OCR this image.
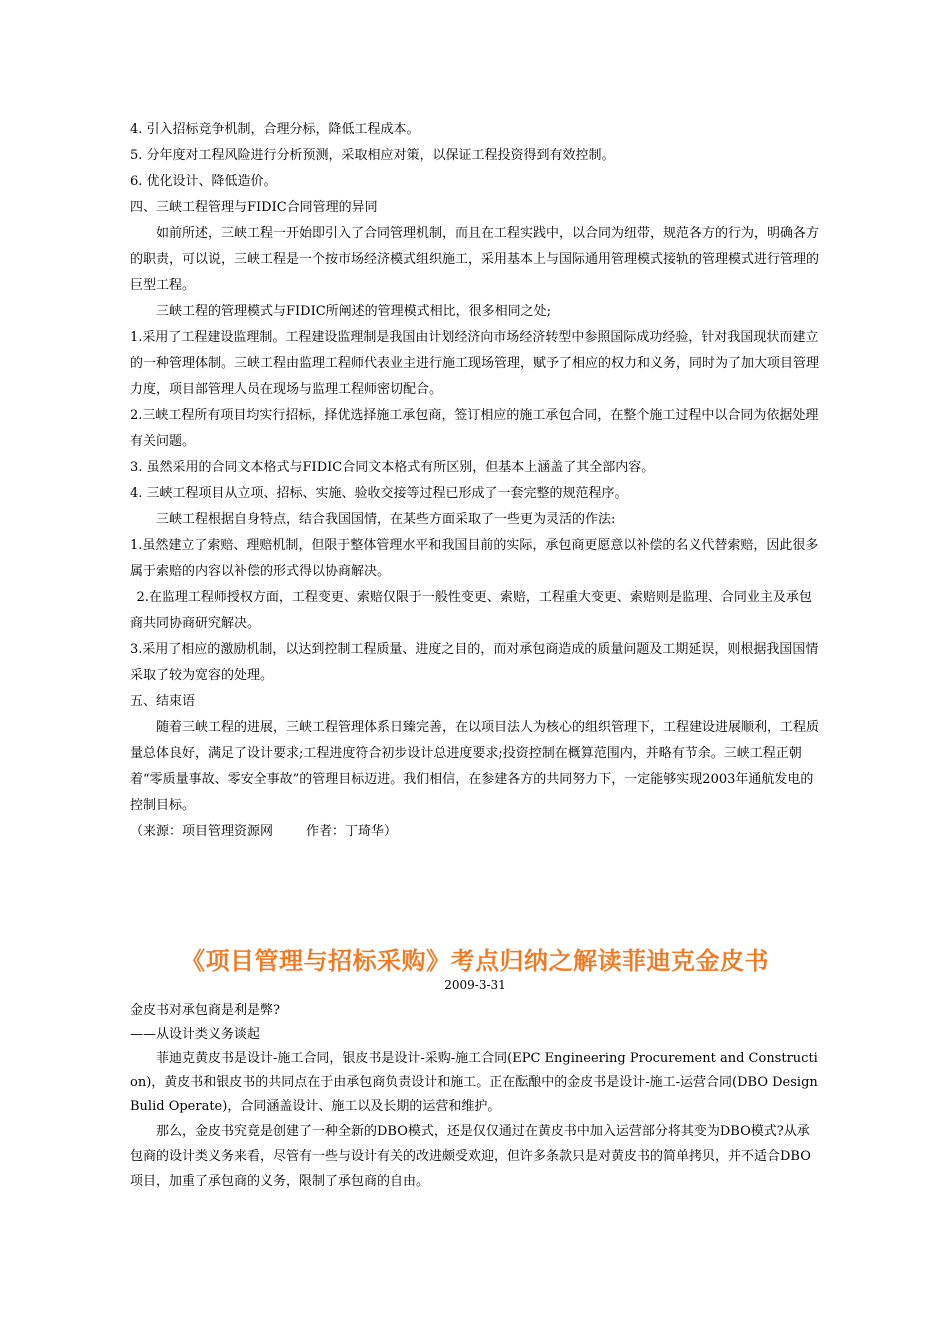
4. 引入招标竞争机制，合理分标，降低工程成本。

5. 分年度对工程风险进行分析预测，采取相应对策，以保证工程投资得到有效控制。

6. 优化设计、降低造价。

四、三峡工程管理与FIDIC合同管理的异同

如前所述，三峡工程一开始即引入了合同管理机制，而且在工程实践中，以合同为纽带，规范各方的行为，明确各方的职责，可以说，三峡工程是一个按市场经济模式组织施工，采用基本上与国际通用管理模式接轨的管理模式进行管理的巨型工程。

三峡工程的管理模式与FIDIC所阐述的管理模式相比，很多相同之处;

1.采用了工程建设监理制。工程建设监理制是我国由计划经济向市场经济转型中参照国际成功经验，针对我国现状而建立的一种管理体制。三峡工程由监理工程师代表业主进行施工现场管理，赋予了相应的权力和义务，同时为了加大项目管理力度，项目部管理人员在现场与监理工程师密切配合。

2.三峡工程所有项目均实行招标，择优选择施工承包商，签订相应的施工承包合同，在整个施工过程中以合同为依据处理有关问题。

3. 虽然采用的合同文本格式与FIDIC合同文本格式有所区别，但基本上涵盖了其全部内容。

4. 三峡工程项目从立项、招标、实施、验收交接等过程已形成了一套完整的规范程序。

三峡工程根据自身特点，结合我国国情，在某些方面采取了一些更为灵活的作法:

1.虽然建立了索赔、理赔机制，但限于整体管理水平和我国目前的实际，承包商更愿意以补偿的名义代替索赔，因此很多属于索赔的内容以补偿的形式得以协商解决。

2.在监理工程师授权方面，工程变更、索赔仅限于一般性变更、索赔，工程重大变更、索赔则是监理、合同业主及承包商共同协商研究解决。

3.采用了相应的激励机制，以达到控制工程质量、进度之目的，而对承包商造成的质量问题及工期延误，则根据我国国情采取了较为宽容的处理。

五、结束语

随着三峡工程的进展，三峡工程管理体系日臻完善，在以项目法人为核心的组织管理下，工程建设进展顺利，工程质量总体良好，满足了设计要求;工程进度符合初步设计总进度要求;投资控制在概算范围内，并略有节余。三峡工程正朝着“零质量事故、零安全事故”的管理目标迈进。我们相信，在参建各方的共同努力下，一定能够实现2003年通航发电的控制目标。

（来源：项目管理资源网        作者：丁琦华）

《项目管理与招标采购》考点归纳之解读菲迪克金皮书

2009-3-31

金皮书对承包商是利是弊?

——从设计类义务谈起

菲迪克黄皮书是设计-施工合同，银皮书是设计-采购-施工合同(EPC Engineering Procurement and Construction)，黄皮书和银皮书的共同点在于由承包商负责设计和施工。正在酝酿中的金皮书是设计-施工-运营合同(DBO Design Bulid Operate)，合同涵盖设计、施工以及长期的运营和维护。

那么，金皮书究竟是创建了一种全新的DBO模式，还是仅仅通过在黄皮书中加入运营部分将其变为DBO模式?从承包商的设计类义务来看，尽管有一些与设计有关的改进颇受欢迎，但许多条款只是对黄皮书的简单拷贝，并不适合DBO项目，加重了承包商的义务，限制了承包商的自由。
